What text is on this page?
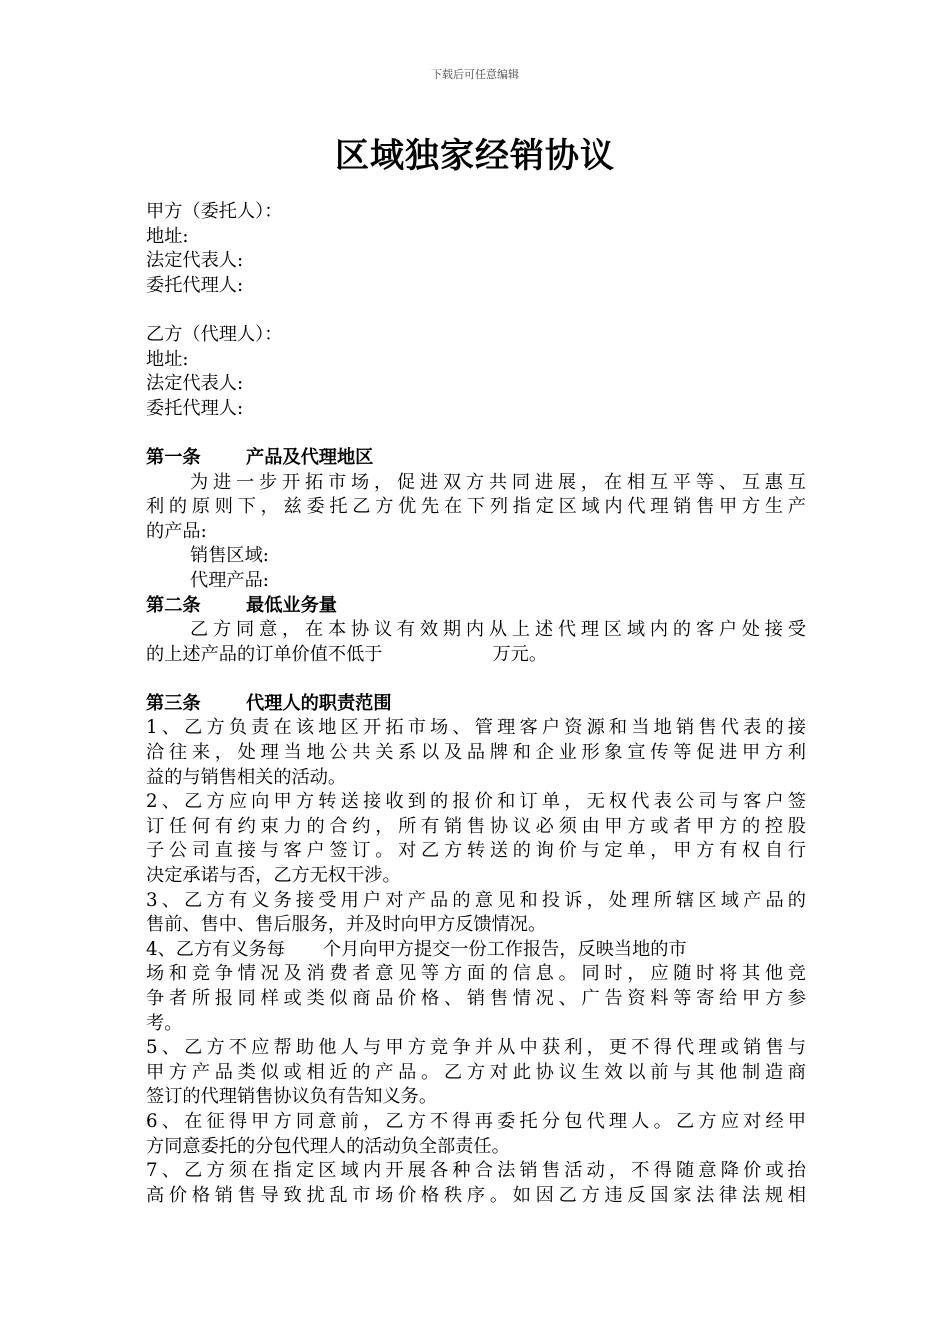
下载后可任意编辑
区域独家经销协议
甲方（委托人）：
地址:
法定代表人:
委托代理人:
乙方（代理人）：
地址:
法定代表人:
委托代理人:
第一条 产品及代理地区
为进一步开拓市场，促进双方共同进展，在相互平等、互惠互
利的原则下，兹委托乙方优先在下列指定区域内代理销售甲方生产
的产品:
销售区域:
代理产品:
第二条 最低业务量
乙方同意，在本协议有效期内从上述代理区域内的客户处接受
的上述产品的订单价值不低于	万元。
第三条 代理人的职责范围
1、乙方负责在该地区开拓市场、管理客户资源和当地销售代表的接
洽往来，处理当地公共关系以及品牌和企业形象宣传等促进甲方利
益的与销售相关的活动。
2、乙方应向甲方转送接收到的报价和订单，无权代表公司与客户签
订任何有约束力的合约，所有销售协议必须由甲方或者甲方的控股
子公司直接与客户签订。对乙方转送的询价与定单，甲方有权自行
决定承诺与否，乙方无权干涉。
3、乙方有义务接受用户对产品的意见和投诉，处理所辖区域产品的
售前、售中、售后服务，并及时向甲方反馈情况。
4、乙方有义务每 个月向甲方提交一份工作报告，反映当地的市
场和竞争情况及消费者意见等方面的信息。同时，应随时将其他竞
争者所报同样或类似商品价格、销售情况、广告资料等寄给甲方参
考。
5、乙方不应帮助他人与甲方竞争并从中获利，更不得代理或销售与
甲方产品类似或相近的产品。乙方对此协议生效以前与其他制造商
签订的代理销售协议负有告知义务。
6、在征得甲方同意前，乙方不得再委托分包代理人。乙方应对经甲
方同意委托的分包代理人的活动负全部责任。
7、乙方须在指定区域内开展各种合法销售活动，不得随意降价或抬
高价格销售导致扰乱市场价格秩序。如因乙方违反国家法律法规相
